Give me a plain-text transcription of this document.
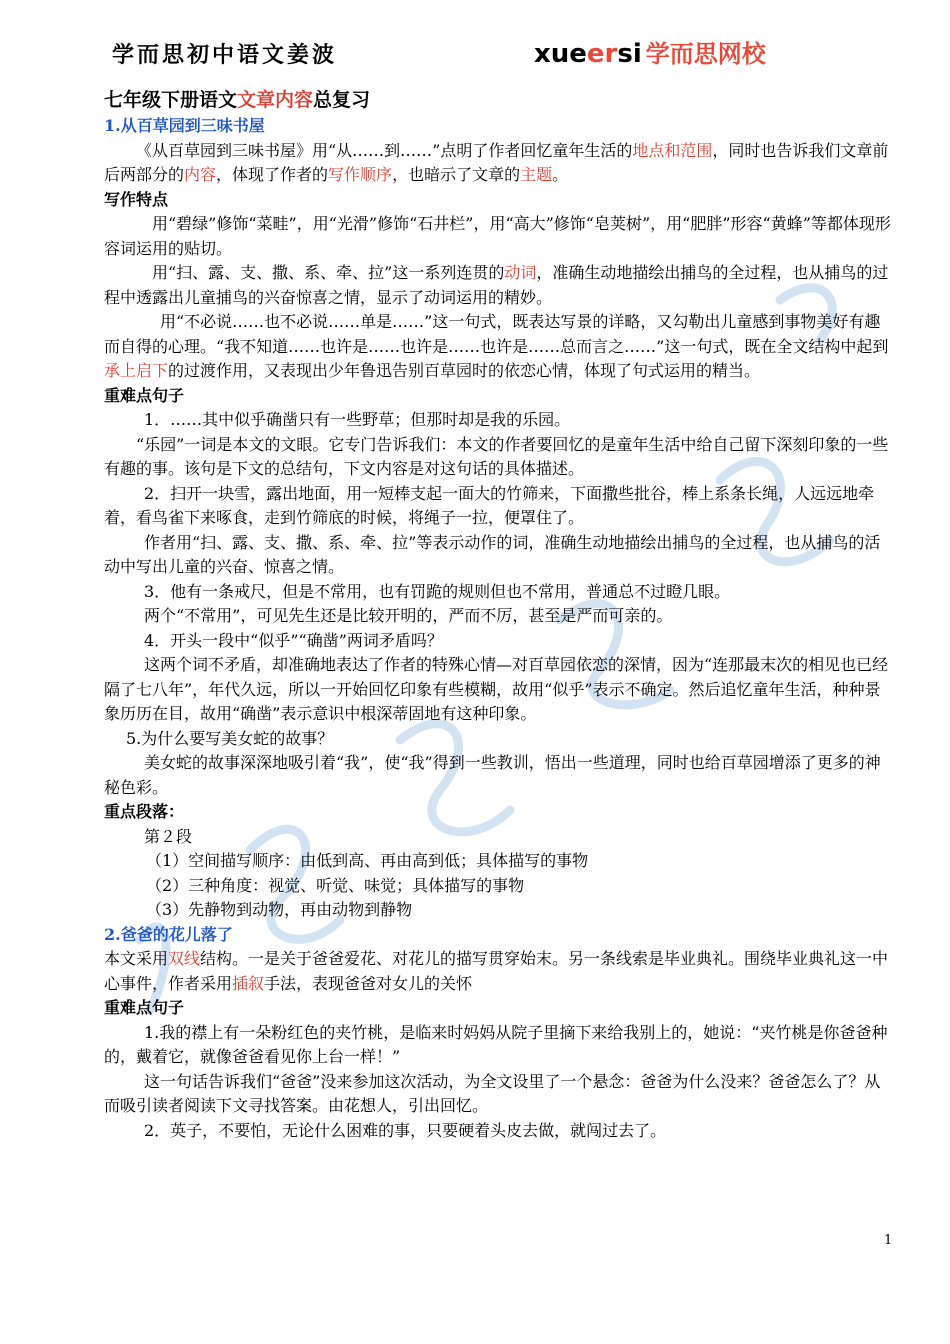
学而思初中语文姜波	xueersi 学而思网校

七年级下册语文文章内容总复习

1.从百草园到三味书屋

《从百草园到三味书屋》用“从……到……”点明了作者回忆童年生活的地点和范围，同时也告诉我们文章前后两部分的内容，体现了作者的写作顺序，也暗示了文章的主题。

写作特点

用“碧绿”修饰“菜畦”，用“光滑”修饰“石井栏”，用“高大”修饰“皂荚树”，用“肥胖”形容“黄蜂”等都体现形容词运用的贴切。

用“扫、露、支、撒、系、牵、拉”这一系列连贯的动词，准确生动地描绘出捕鸟的全过程，也从捕鸟的过程中透露出儿童捕鸟的兴奋惊喜之情，显示了动词运用的精妙。

用“不必说……也不必说……单是……”这一句式，既表达写景的详略，又勾勒出儿童感到事物美好有趣而自得的心理。“我不知道……也许是……也许是……也许是……总而言之……”这一句式，既在全文结构中起到承上启下的过渡作用，又表现出少年鲁迅告别百草园时的依恋心情，体现了句式运用的精当。

重难点句子

1．……其中似乎确凿只有一些野草；但那时却是我的乐园。

“乐园”一词是本文的文眼。它专门告诉我们：本文的作者要回忆的是童年生活中给自己留下深刻印象的一些有趣的事。该句是下文的总结句，下文内容是对这句话的具体描述。

2．扫开一块雪，露出地面，用一短棒支起一面大的竹筛来，下面撒些批谷，棒上系条长绳，人远远地牵着，看鸟雀下来啄食，走到竹筛底的时候，将绳子一拉，便罩住了。

作者用“扫、露、支、撒、系、牵、拉”等表示动作的词，准确生动地描绘出捕鸟的全过程，也从捕鸟的活动中写出儿童的兴奋、惊喜之情。

3．他有一条戒尺，但是不常用，也有罚跪的规则但也不常用，普通总不过瞪几眼。

两个“不常用”，可见先生还是比较开明的，严而不厉，甚至是严而可亲的。

4．开头一段中“似乎”“确凿”两词矛盾吗？

这两个词不矛盾，却准确地表达了作者的特殊心情—对百草园依恋的深情，因为“连那最末次的相见也已经隔了七八年”，年代久远，所以一开始回忆印象有些模糊，故用“似乎”表示不确定。然后追忆童年生活，种种景象历历在目，故用“确凿”表示意识中根深蒂固地有这种印象。

5.为什么要写美女蛇的故事？

美女蛇的故事深深地吸引着“我”，使“我”得到一些教训，悟出一些道理，同时也给百草园增添了更多的神秘色彩。

重点段落：

第２段

（1）空间描写顺序：由低到高、再由高到低；具体描写的事物

（2）三种角度：视觉、听觉、味觉；具体描写的事物

（3）先静物到动物，再由动物到静物

2.爸爸的花儿落了

本文采用双线结构。一是关于爸爸爱花、对花儿的描写贯穿始末。另一条线索是毕业典礼。围绕毕业典礼这一中心事件，作者采用插叙手法，表现爸爸对女儿的关怀

重难点句子

1.我的襟上有一朵粉红色的夹竹桃，是临来时妈妈从院子里摘下来给我别上的，她说：“夹竹桃是你爸爸种的，戴着它，就像爸爸看见你上台一样！”

这一句话告诉我们“爸爸”没来参加这次活动，为全文设里了一个悬念：爸爸为什么没来？爸爸怎么了？从而吸引读者阅读下文寻找答案。由花想人，引出回忆。

2．英子，不要怕，无论什么困难的事，只要硬着头皮去做，就闯过去了。

1
